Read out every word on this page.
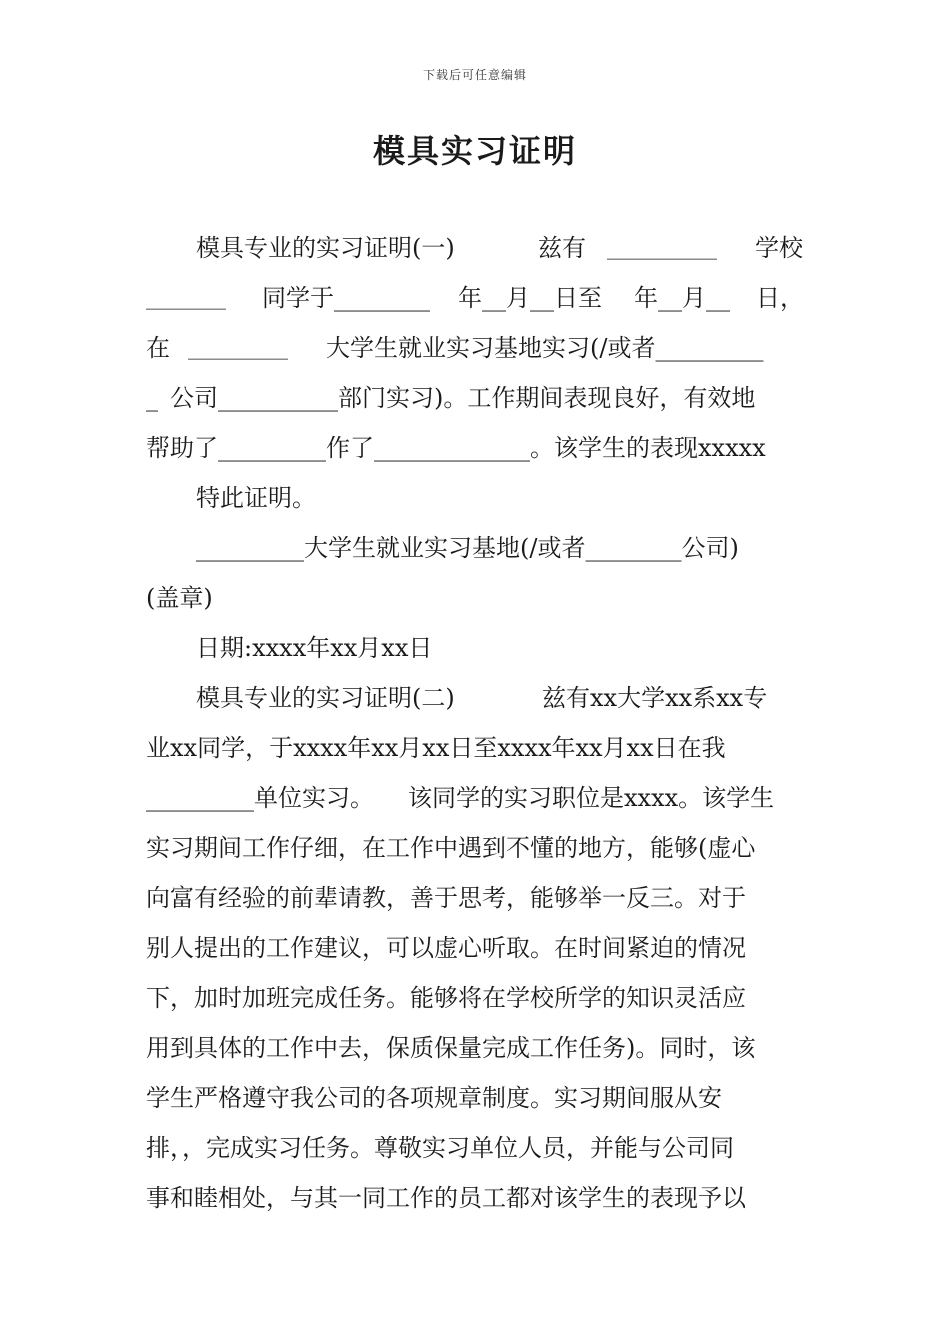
下载后可任意编辑
模具实习证明

模具专业的实习证明(一)

	兹有

___________

学校

________

同学于________

年__月__日至

年__月__

日，

在

__________

大学生就业实习基地实习(/或者_________

_

公司__________部门实习)。工作期间表现良好，有效地

帮助了_________作了_____________。该学生的表现xxxxx

特此证明。

_________大学生就业实习基地(/或者________公司)

(盖章)

日期:xxxx年xx月xx日

模具专业的实习证明(二)

	兹有xx大学xx系xx专

业xx同学，于xxxx年xx月xx日至xxxx年xx月xx日在我

_________单位实习。

该同学的实习职位是xxxx。该学生

实习期间工作仔细，在工作中遇到不懂的地方，能够(虚心

向富有经验的前辈请教，善于思考，能够举一反三。对于

别人提出的工作建议，可以虚心听取。在时间紧迫的情况

下，加时加班完成任务。能够将在学校所学的知识灵活应

用到具体的工作中去，保质保量完成工作任务)。同时，该

学生严格遵守我公司的各项规章制度。实习期间服从安

排，，完成实习任务。尊敬实习单位人员，并能与公司同

事和睦相处，与其一同工作的员工都对该学生的表现予以
